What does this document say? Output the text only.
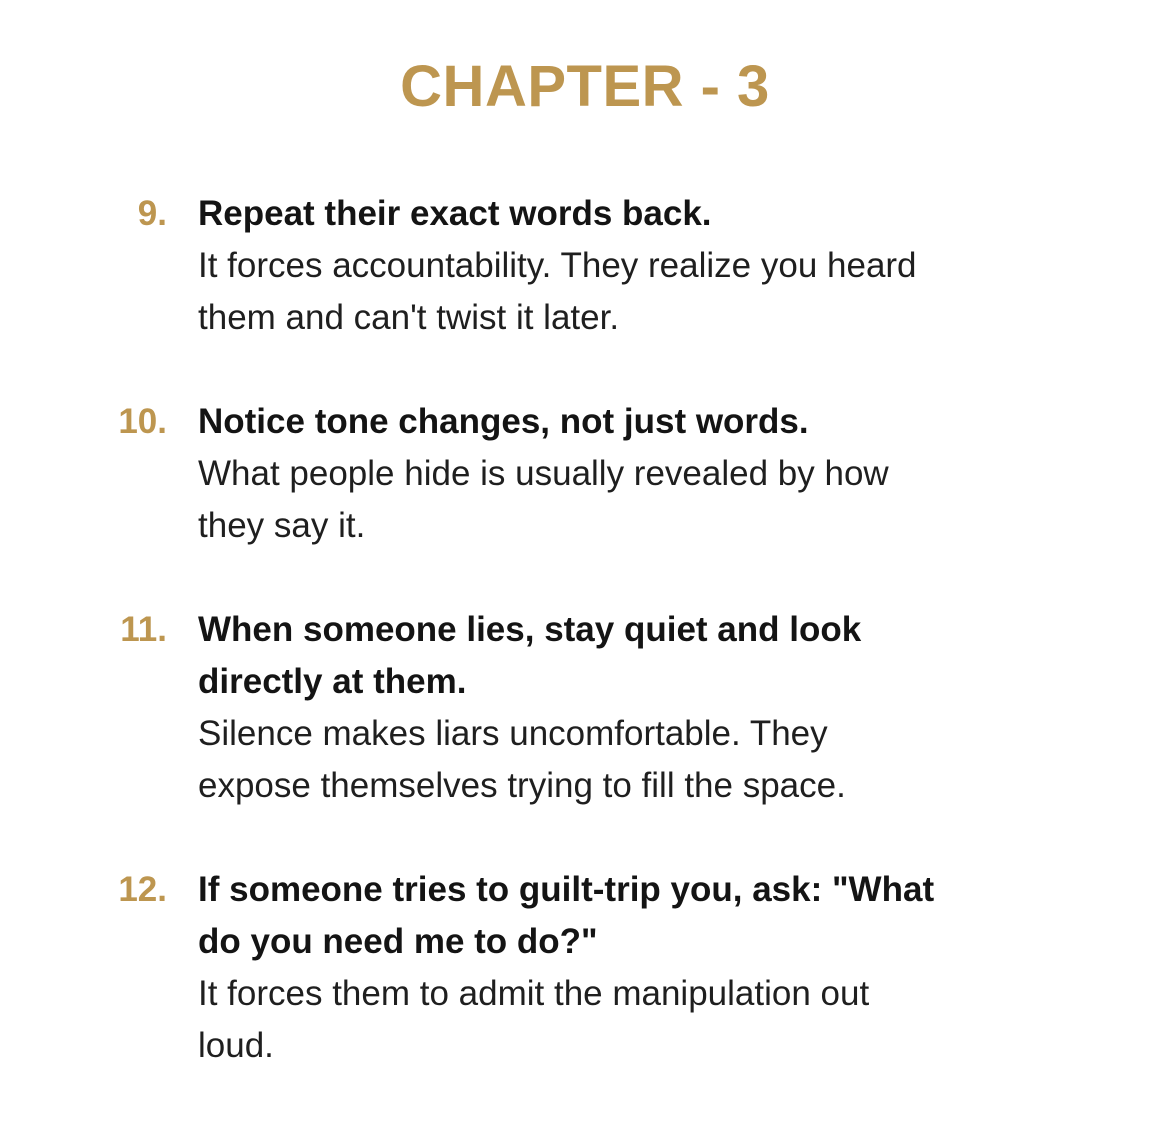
CHAPTER - 3
9. Repeat their exact words back.
It forces accountability. They realize you heard
them and can't twist it later.
10. Notice tone changes, not just words.
What people hide is usually revealed by how
they say it.
11. When someone lies, stay quiet and look
directly at them.
Silence makes liars uncomfortable. They
expose themselves trying to fill the space.
12. If someone tries to guilt-trip you, ask: "What
do you need me to do?"
It forces them to admit the manipulation out
loud.
